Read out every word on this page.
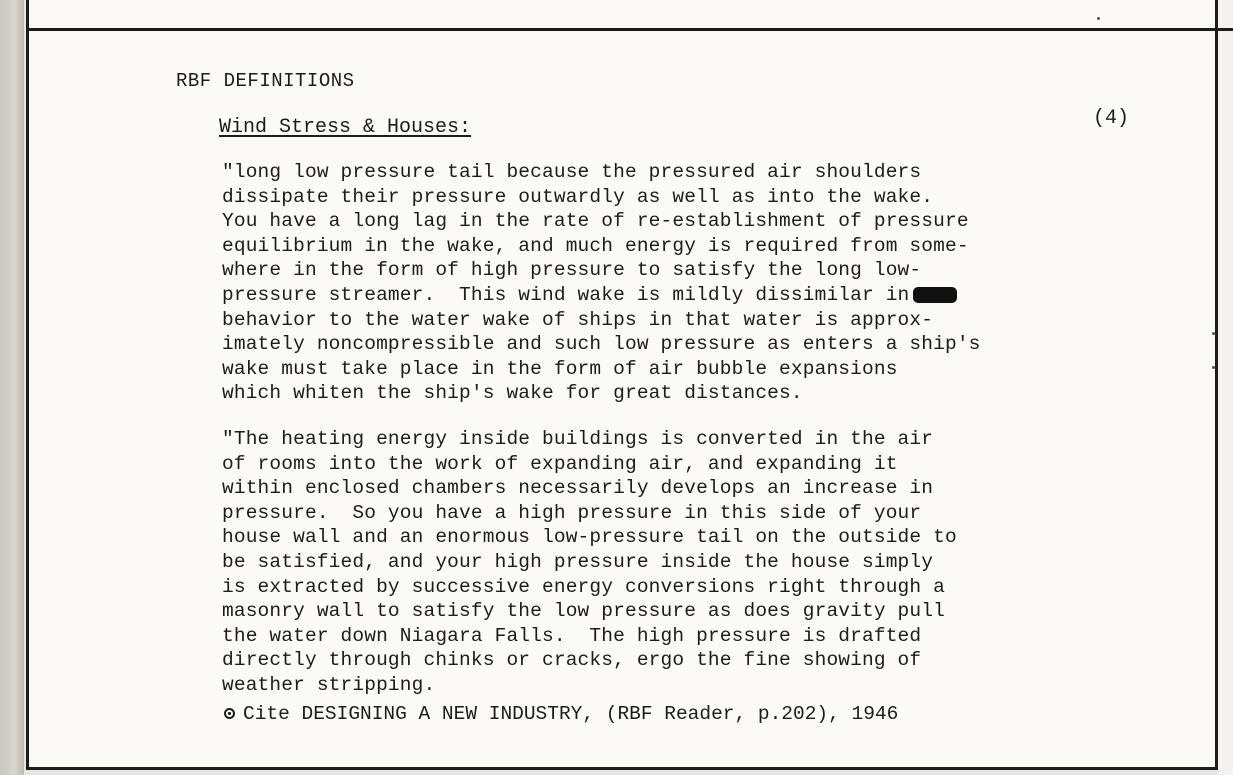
RBF DEFINITIONS
(4)
Wind Stress & Houses:
"long low pressure tail because the pressured air shoulders
dissipate their pressure outwardly as well as into the wake.
You have a long lag in the rate of re-establishment of pressure
equilibrium in the wake, and much energy is required from some-
where in the form of high pressure to satisfy the long low-
pressure streamer.  This wind wake is mildly dissimilar in
behavior to the water wake of ships in that water is approx-
imately noncompressible and such low pressure as enters a ship's
wake must take place in the form of air bubble expansions
which whiten the ship's wake for great distances.
"The heating energy inside buildings is converted in the air
of rooms into the work of expanding air, and expanding it
within enclosed chambers necessarily develops an increase in
pressure.  So you have a high pressure in this side of your
house wall and an enormous low-pressure tail on the outside to
be satisfied, and your high pressure inside the house simply
is extracted by successive energy conversions right through a
masonry wall to satisfy the low pressure as does gravity pull
the water down Niagara Falls.  The high pressure is drafted
directly through chinks or cracks, ergo the fine showing of
weather stripping.
Cite DESIGNING A NEW INDUSTRY, (RBF Reader, p.202), 1946
